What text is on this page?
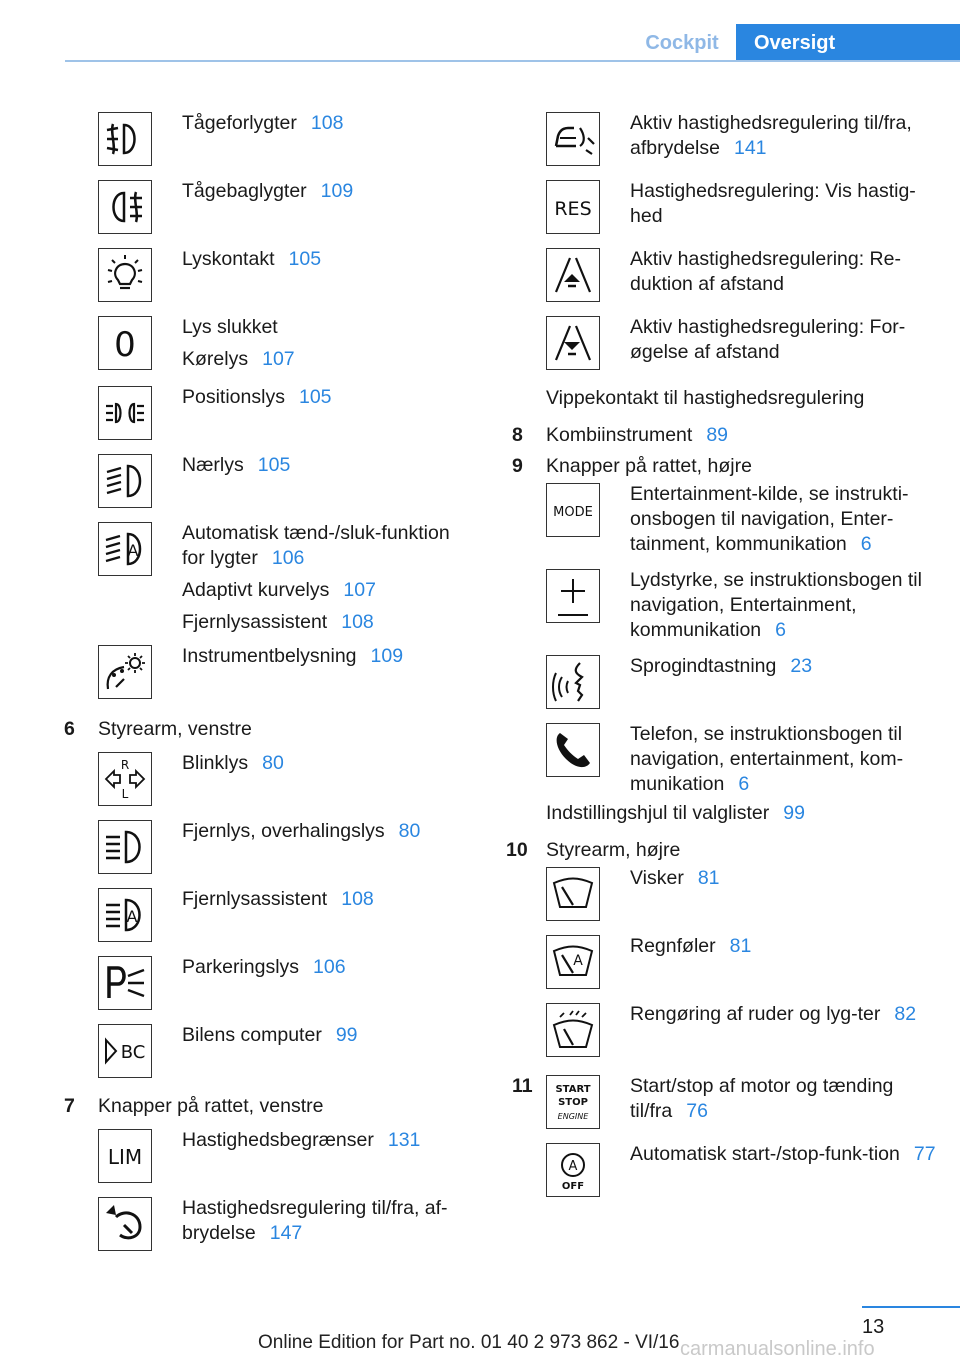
Cockpit	Oversigt
Tågeforlygter 108
Tågebaglygter 109
Lyskontakt 105
0 Lys slukket
Kørelys 107
Positionslys 105
Nærlys 105
A
Automatisk tænd-/sluk-funktion for lygter 106
Adaptivt kurvelys 107
Fjernlysassistent 108
Instrumentbelysning 109
6 Styrearm, venstre
R
L
Blinklys 80
Fjernlys, overhalingslys 80
A
Fjernlysassistent 108
Parkeringslys 106
BC
Bilens computer 99
7 Knapper på rattet, venstre
LIM
Hastighedsbegrænser 131
Hastighedsregulering til/fra, af-brydelse 147
Aktiv hastighedsregulering til/fra, afbrydelse 141
RES
Hastighedsregulering: Vis hastig-hed
Aktiv hastighedsregulering: Re-duktion af afstand
Aktiv hastighedsregulering: For-øgelse af afstand
Vippekontakt til hastighedsregulering
8 Kombiinstrument 89
9 Knapper på rattet, højre
MODE
Entertainment-kilde, se instrukti-onsbogen til navigation, Enter-tainment, kommunikation 6
Lydstyrke, se instruktionsbogen til navigation, Entertainment, kommunikation 6
Sprogindtastning 23
Telefon, se instruktionsbogen til navigation, entertainment, kom-munikation 6
Indstillingshjul til valglister 99
10 Styrearm, højre
Visker 81
A
Regnføler 81
Rengøring af ruder og lyg-ter 82
11 START
STOP
ENGINE
Start/stop af motor og tænding til/fra 76
A
OFF
Automatisk start-/stop-funk-tion 77
13
Online Edition for Part no. 01 40 2 973 862 - VI/16 carmanualsonline.info
